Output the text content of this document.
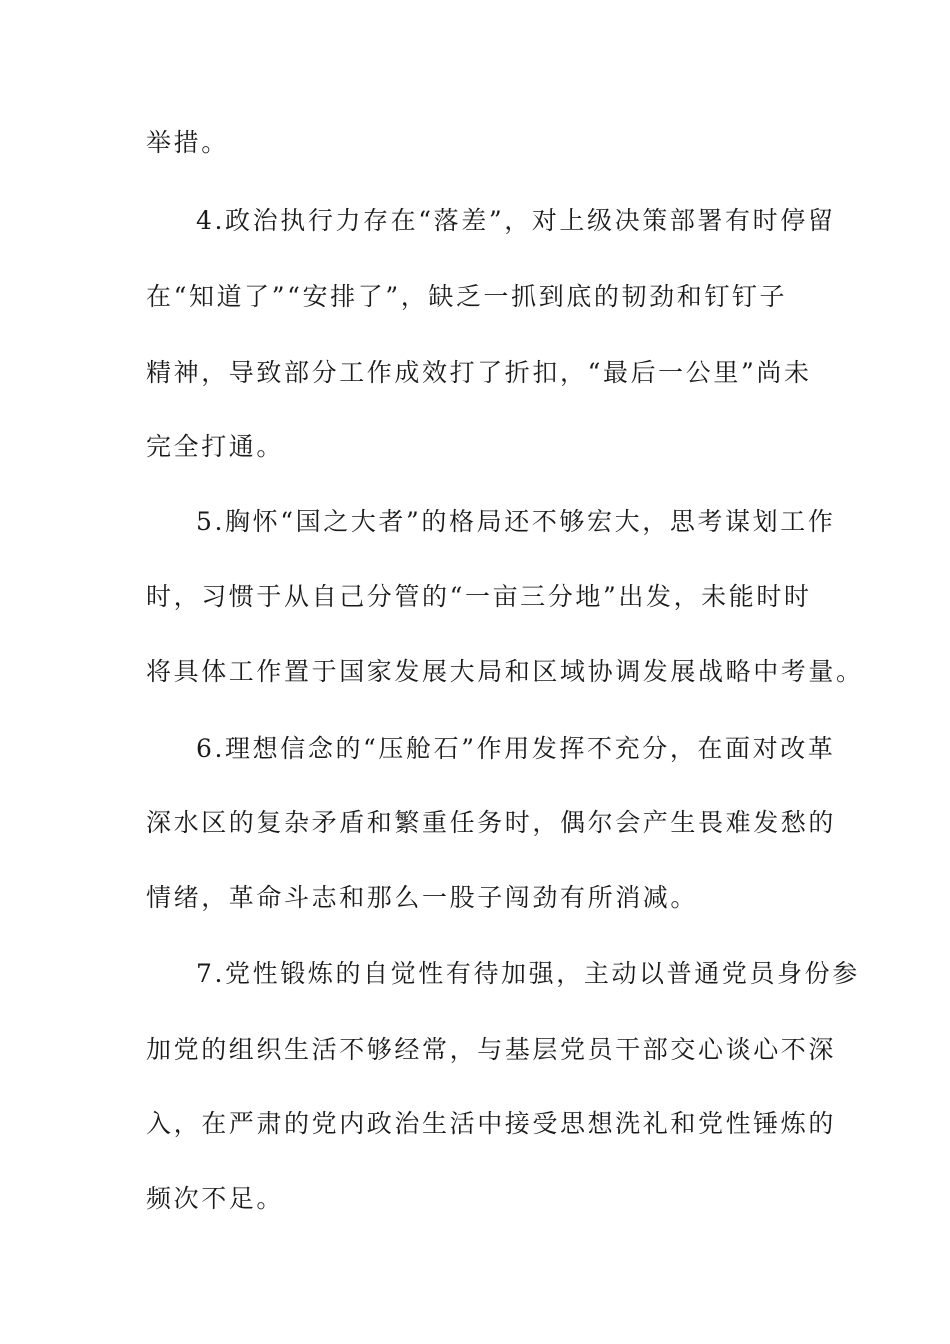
举措。
4.政治执行力存在“落差”，对上级决策部署有时停留
在“知道了”“安排了”，缺乏一抓到底的韧劲和钉钉子
精神，导致部分工作成效打了折扣，“最后一公里”尚未
完全打通。
5.胸怀“国之大者”的格局还不够宏大，思考谋划工作
时，习惯于从自己分管的“一亩三分地”出发，未能时时
将具体工作置于国家发展大局和区域协调发展战略中考量。
6.理想信念的“压舱石”作用发挥不充分，在面对改革
深水区的复杂矛盾和繁重任务时，偶尔会产生畏难发愁的
情绪，革命斗志和那么一股子闯劲有所消减。
7.党性锻炼的自觉性有待加强，主动以普通党员身份参
加党的组织生活不够经常，与基层党员干部交心谈心不深
入，在严肃的党内政治生活中接受思想洗礼和党性锤炼的
频次不足。
